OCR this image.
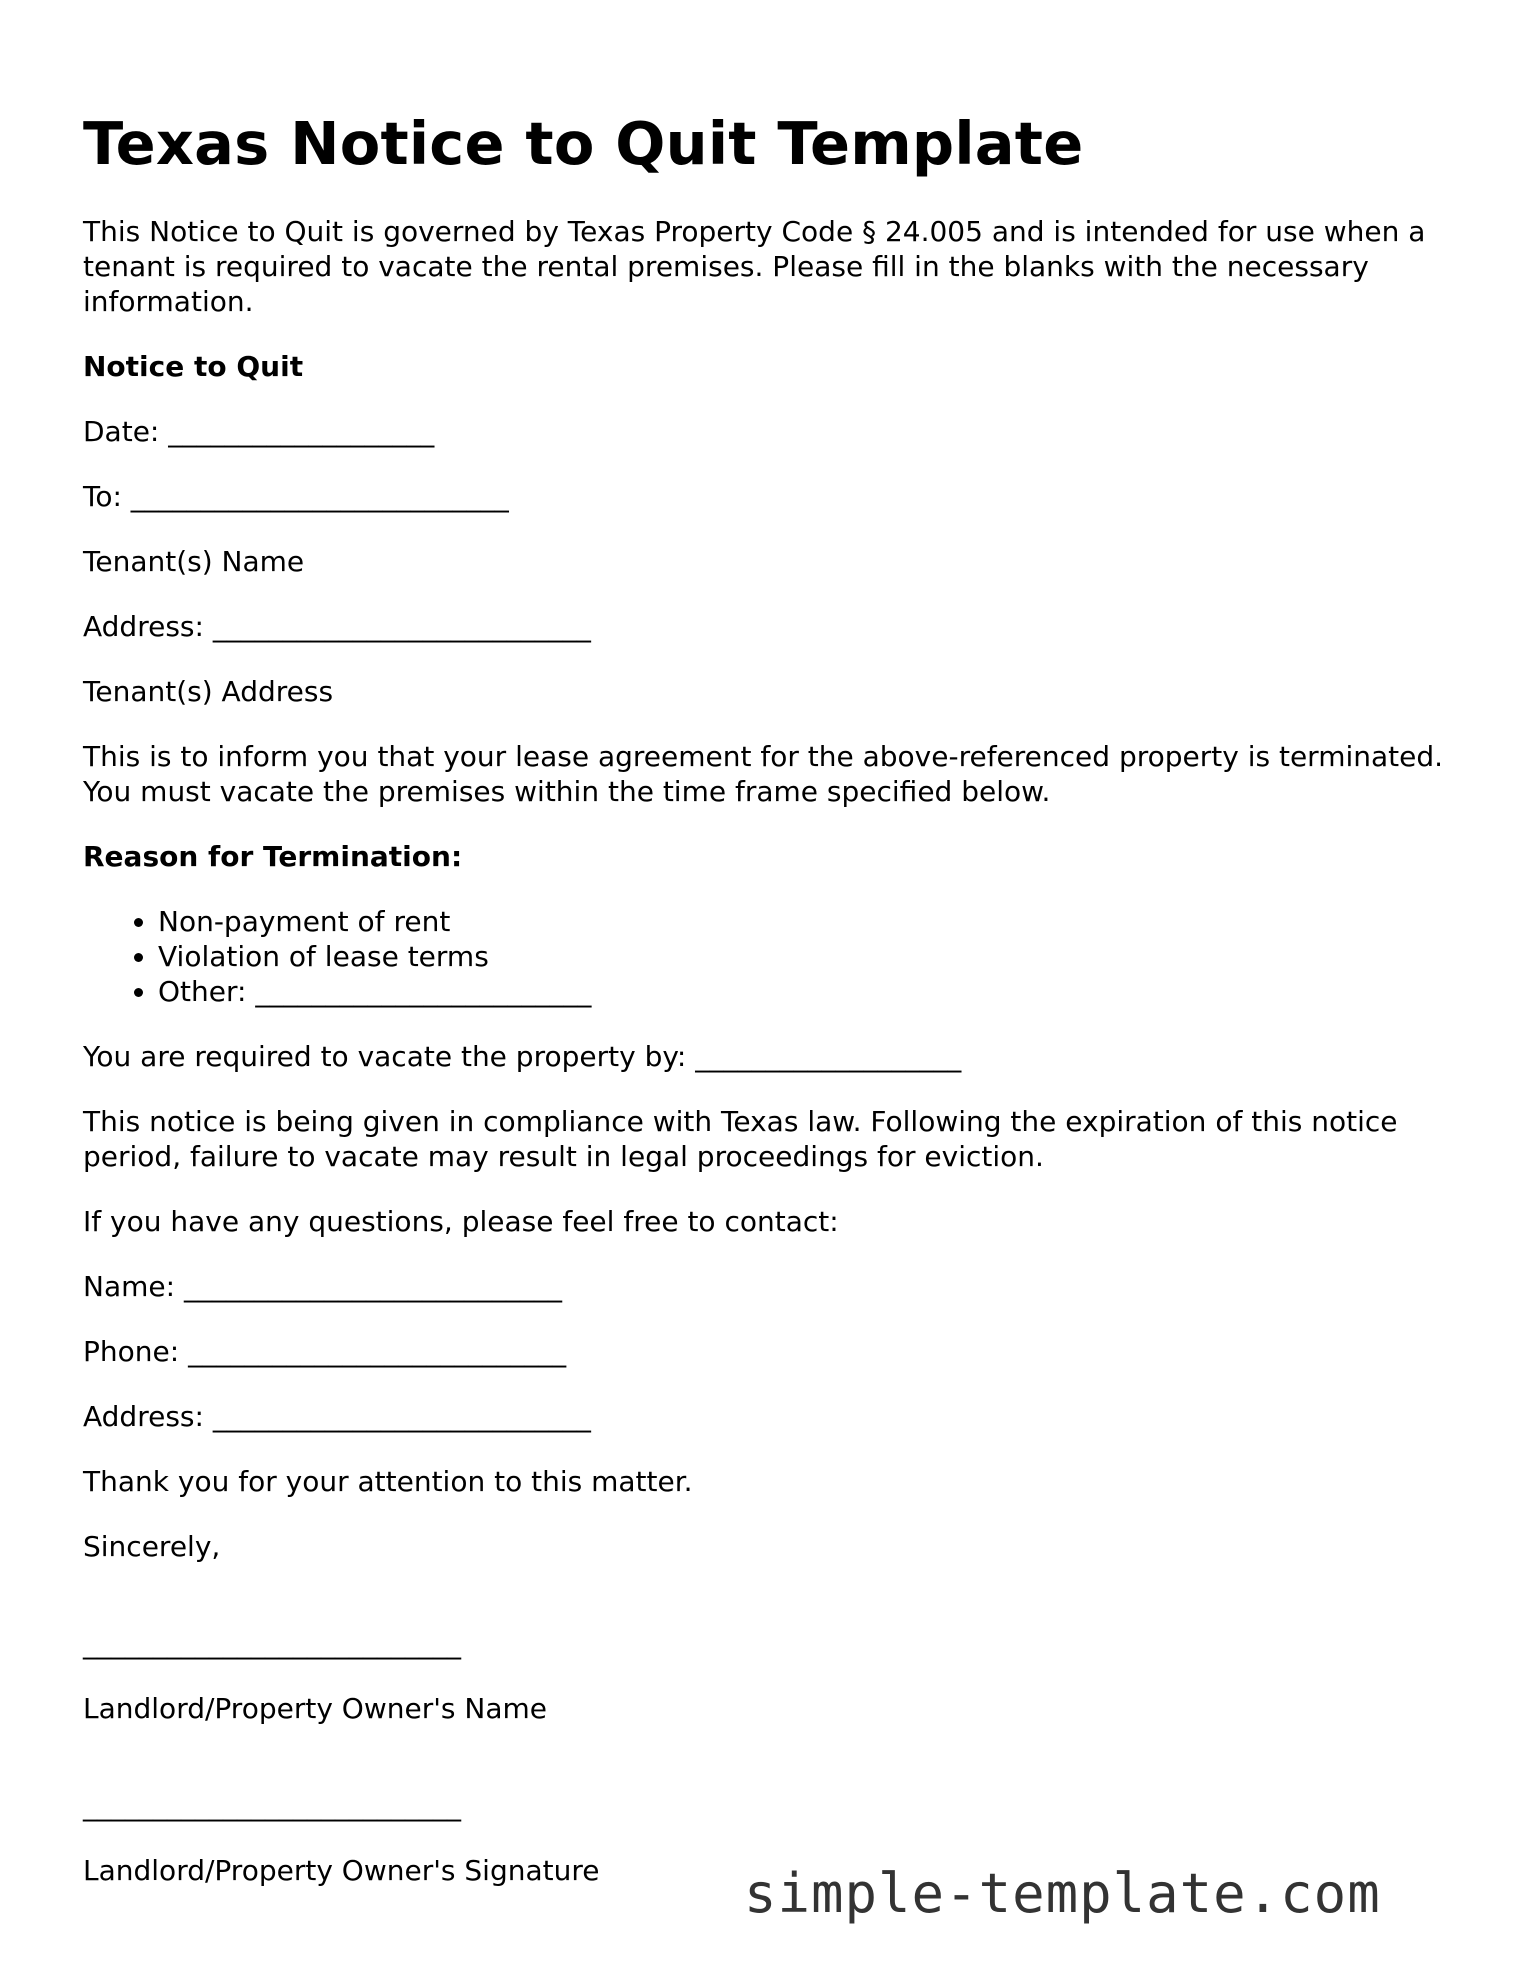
Texas Notice to Quit Template

This Notice to Quit is governed by Texas Property Code § 24.005 and is intended for use when a tenant is required to vacate the rental premises. Please fill in the blanks with the necessary information.

Notice to Quit

Date: ___________________

To: ___________________________

Tenant(s) Name

Address: ___________________________

Tenant(s) Address

This is to inform you that your lease agreement for the above-referenced property is terminated. You must vacate the premises within the time frame specified below.

Reason for Termination:

• Non-payment of rent
• Violation of lease terms
• Other: ________________________

You are required to vacate the property by: ___________________

This notice is being given in compliance with Texas law. Following the expiration of this notice period, failure to vacate may result in legal proceedings for eviction.

If you have any questions, please feel free to contact:

Name: ___________________________

Phone: ___________________________

Address: ___________________________

Thank you for your attention to this matter.

Sincerely,

___________________________

Landlord/Property Owner's Name

___________________________

Landlord/Property Owner's Signature	simple-template.com
